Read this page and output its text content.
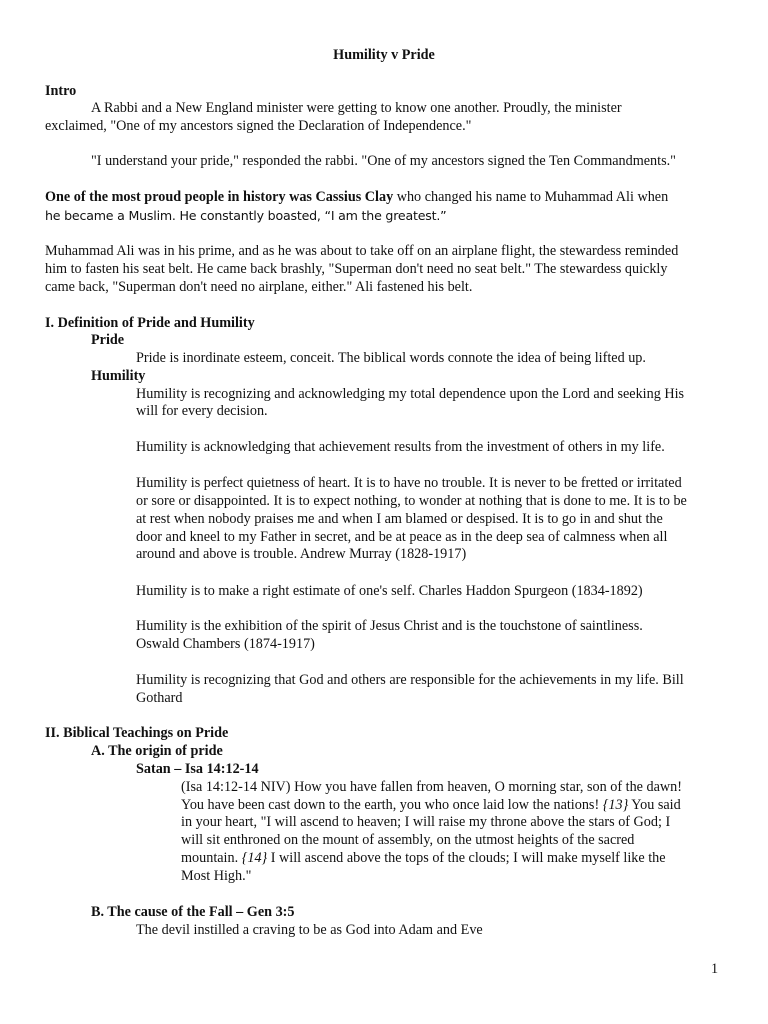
Humility v Pride
Intro
A Rabbi and a New England minister were getting to know one another. Proudly, the minister
exclaimed, "One of my ancestors signed the Declaration of Independence."
"I understand your pride," responded the rabbi. "One of my ancestors signed the Ten Commandments."
One of the most proud people in history was Cassius Clay who changed his name to Muhammad Ali when
he became a Muslim. He constantly boasted, “I am the greatest.”
Muhammad Ali was in his prime, and as he was about to take off on an airplane flight, the stewardess reminded
him to fasten his seat belt. He came back brashly, "Superman don't need no seat belt." The stewardess quickly
came back, "Superman don't need no airplane, either." Ali fastened his belt.
I. Definition of Pride and Humility
Pride
Pride is inordinate esteem, conceit. The biblical words connote the idea of being lifted up.
Humility
Humility is recognizing and acknowledging my total dependence upon the Lord and seeking His
will for every decision.
Humility is acknowledging that achievement results from the investment of others in my life.
Humility is perfect quietness of heart. It is to have no trouble. It is never to be fretted or irritated
or sore or disappointed. It is to expect nothing, to wonder at nothing that is done to me. It is to be
at rest when nobody praises me and when I am blamed or despised. It is to go in and shut the
door and kneel to my Father in secret, and be at peace as in the deep sea of calmness when all
around and above is trouble. Andrew Murray (1828-1917)
Humility is to make a right estimate of one's self. Charles Haddon Spurgeon (1834-1892)
Humility is the exhibition of the spirit of Jesus Christ and is the touchstone of saintliness.
Oswald Chambers (1874-1917)
Humility is recognizing that God and others are responsible for the achievements in my life. Bill
Gothard
II. Biblical Teachings on Pride
A. The origin of pride
Satan – Isa 14:12-14
(Isa 14:12-14 NIV) How you have fallen from heaven, O morning star, son of the dawn!
You have been cast down to the earth, you who once laid low the nations! {13} You said
in your heart, "I will ascend to heaven; I will raise my throne above the stars of God; I
will sit enthroned on the mount of assembly, on the utmost heights of the sacred
mountain. {14} I will ascend above the tops of the clouds; I will make myself like the
Most High."
B. The cause of the Fall – Gen 3:5
The devil instilled a craving to be as God into Adam and Eve
1
